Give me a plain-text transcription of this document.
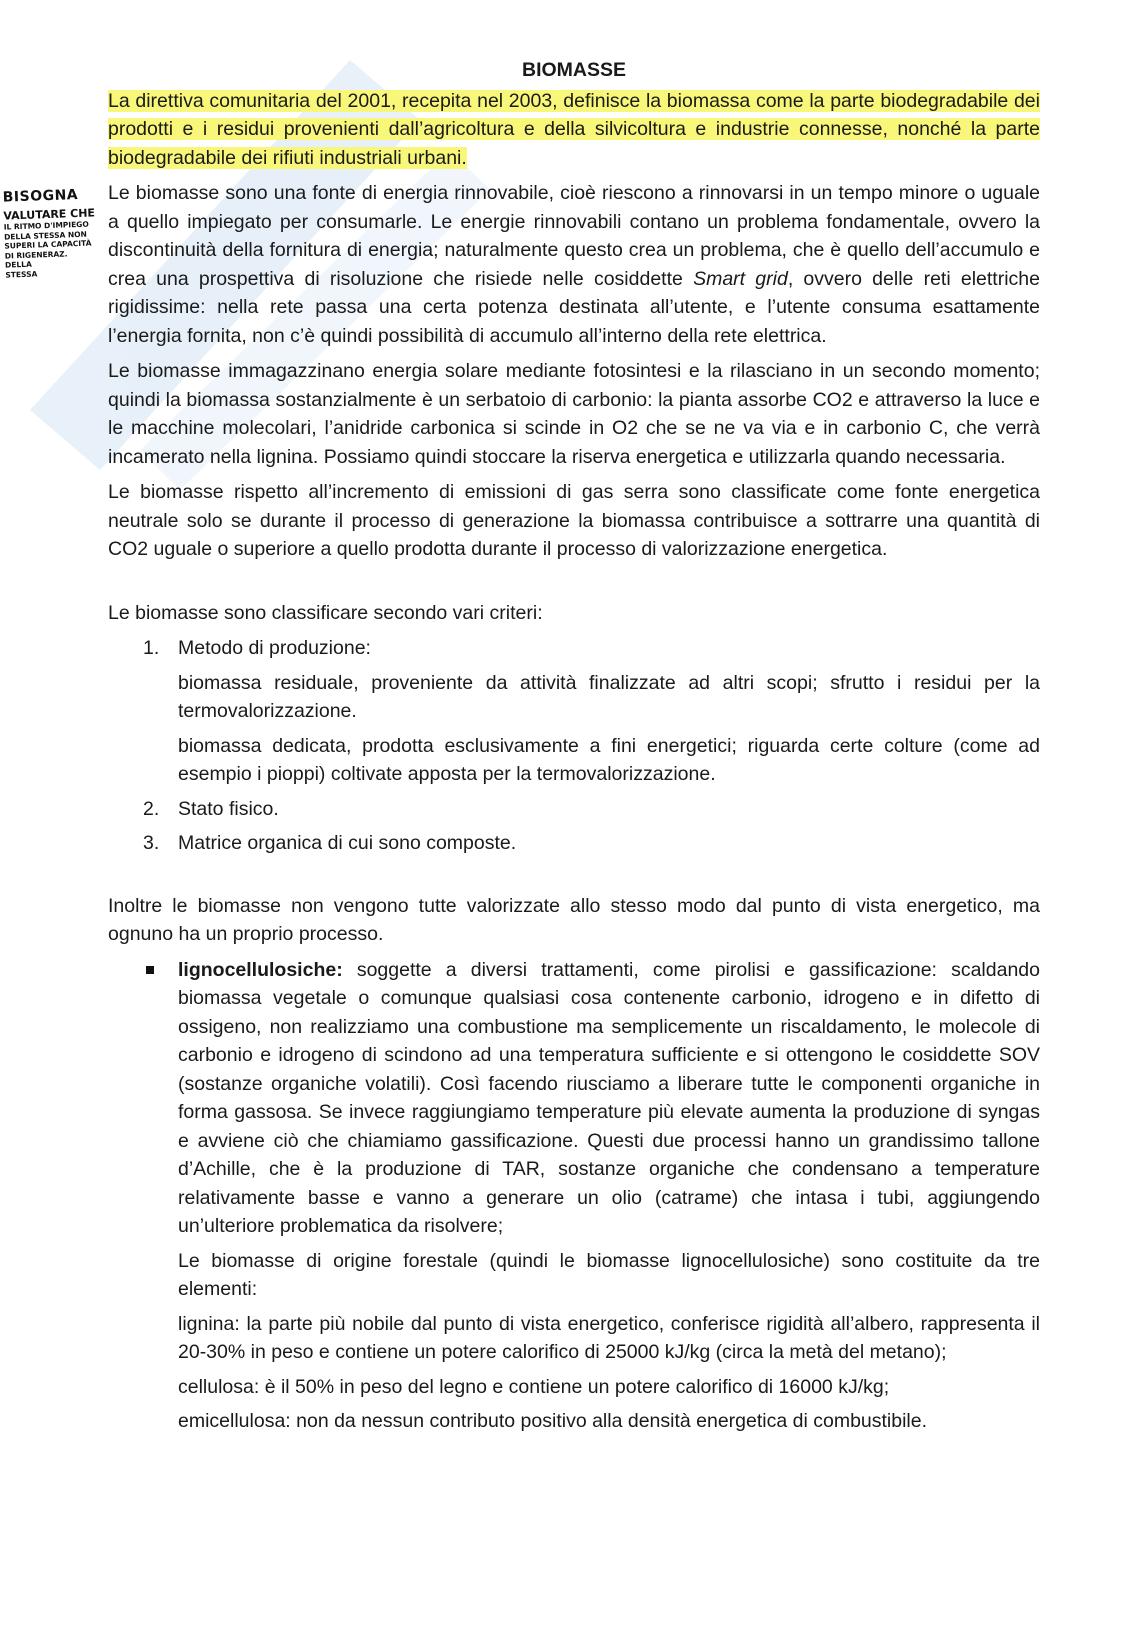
BISOGNA
VALUTARE CHE
IL RITMO D'IMPIEGO
DELLA STESSA NON
SUPERI LA CAPACITÀ
DI RIGENERAZ. DELLA
STESSA
BIOMASSE

La direttiva comunitaria del 2001, recepita nel 2003, definisce la biomassa come la parte biodegradabile dei prodotti e i residui provenienti dall’agricoltura e della silvicoltura e industrie connesse, nonché la parte biodegradabile dei rifiuti industriali urbani.

Le biomasse sono una fonte di energia rinnovabile, cioè riescono a rinnovarsi in un tempo minore o uguale a quello impiegato per consumarle. Le energie rinnovabili contano un problema fondamentale, ovvero la discontinuità della fornitura di energia; naturalmente questo crea un problema, che è quello dell’accumulo e crea una prospettiva di risoluzione che risiede nelle cosiddette Smart grid, ovvero delle reti elettriche rigidissime: nella rete passa una certa potenza destinata all’utente, e l’utente consuma esattamente l’energia fornita, non c’è quindi possibilità di accumulo all’interno della rete elettrica.

Le biomasse immagazzinano energia solare mediante fotosintesi e la rilasciano in un secondo momento; quindi la biomassa sostanzialmente è un serbatoio di carbonio: la pianta assorbe CO2 e attraverso la luce e le macchine molecolari, l’anidride carbonica si scinde in O2 che se ne va via e in carbonio C, che verrà incamerato nella lignina. Possiamo quindi stoccare la riserva energetica e utilizzarla quando necessaria.

Le biomasse rispetto all’incremento di emissioni di gas serra sono classificate come fonte energetica neutrale solo se durante il processo di generazione la biomassa contribuisce a sottrarre una quantità di CO2 uguale o superiore a quello prodotta durante il processo di valorizzazione energetica.

Le biomasse sono classificare secondo vari criteri:

1. Metodo di produzione:
biomassa residuale, proveniente da attività finalizzate ad altri scopi; sfrutto i residui per la termovalorizzazione.
biomassa dedicata, prodotta esclusivamente a fini energetici; riguarda certe colture (come ad esempio i pioppi) coltivate apposta per la termovalorizzazione.
2. Stato fisico.
3. Matrice organica di cui sono composte.

Inoltre le biomasse non vengono tutte valorizzate allo stesso modo dal punto di vista energetico, ma ognuno ha un proprio processo.

lignocellulosiche: soggette a diversi trattamenti, come pirolisi e gassificazione: scaldando biomassa vegetale o comunque qualsiasi cosa contenente carbonio, idrogeno e in difetto di ossigeno, non realizziamo una combustione ma semplicemente un riscaldamento, le molecole di carbonio e idrogeno di scindono ad una temperatura sufficiente e si ottengono le cosiddette SOV (sostanze organiche volatili). Così facendo riusciamo a liberare tutte le componenti organiche in forma gassosa. Se invece raggiungiamo temperature più elevate aumenta la produzione di syngas e avviene ciò che chiamiamo gassificazione. Questi due processi hanno un grandissimo tallone d’Achille, che è la produzione di TAR, sostanze organiche che condensano a temperature relativamente basse e vanno a generare un olio (catrame) che intasa i tubi, aggiungendo un’ulteriore problematica da risolvere;

Le biomasse di origine forestale (quindi le biomasse lignocellulosiche) sono costituite da tre elementi:

lignina: la parte più nobile dal punto di vista energetico, conferisce rigidità all’albero, rappresenta il 20-30% in peso e contiene un potere calorifico di 25000 kJ/kg (circa la metà del metano);

cellulosa: è il 50% in peso del legno e contiene un potere calorifico di 16000 kJ/kg;

emicellulosa: non da nessun contributo positivo alla densità energetica di combustibile.
